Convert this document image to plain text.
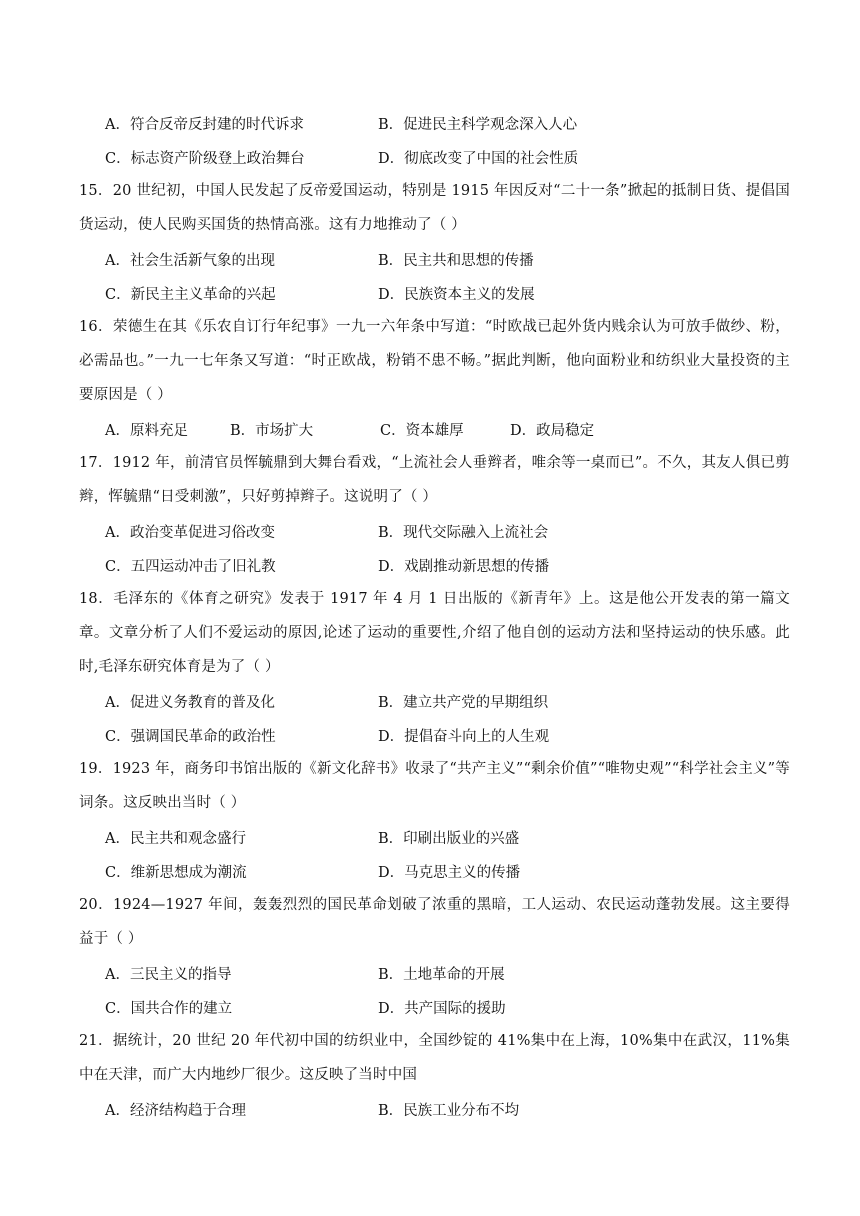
A．符合反帝反封建的时代诉求	B．促进民主科学观念深入人心
C．标志资产阶级登上政治舞台	D．彻底改变了中国的社会性质

15．20 世纪初，中国人民发起了反帝爱国运动，特别是 1915 年因反对“二十一条”掀起的抵制日货、提倡国货运动，使人民购买国货的热情高涨。这有力地推动了（ ）

A．社会生活新气象的出现	B．民主共和思想的传播
C．新民主主义革命的兴起	D．民族资本主义的发展

16．荣德生在其《乐农自订行年纪事》一九一六年条中写道：“时欧战已起外货内贱余认为可放手做纱、粉，必需品也。”一九一七年条又写道：“时正欧战，粉销不患不畅。”据此判断，他向面粉业和纺织业大量投资的主要原因是（ ）

A．原料充足	B．市场扩大	C．资本雄厚	D．政局稳定

17．1912 年，前清官员恽毓鼎到大舞台看戏，“上流社会人垂辫者，唯余等一桌而已”。不久，其友人俱已剪辫，恽毓鼎“日受刺激”，只好剪掉辫子。这说明了（ ）

A．政治变革促进习俗改变	B．现代交际融入上流社会
C．五四运动冲击了旧礼教	D．戏剧推动新思想的传播

18．毛泽东的《体育之研究》发表于 1917 年 4 月 1 日出版的《新青年》上。这是他公开发表的第一篇文章。文章分析了人们不爱运动的原因,论述了运动的重要性,介绍了他自创的运动方法和坚持运动的快乐感。此时,毛泽东研究体育是为了（ ）

A．促进义务教育的普及化	B．建立共产党的早期组织
C．强调国民革命的政治性	D．提倡奋斗向上的人生观

19．1923 年，商务印书馆出版的《新文化辞书》收录了“共产主义”“剩余价值”“唯物史观”“科学社会主义”等词条。这反映出当时（ ）

A．民主共和观念盛行	B．印刷出版业的兴盛
C．维新思想成为潮流	D．马克思主义的传播

20．1924—1927 年间，轰轰烈烈的国民革命划破了浓重的黑暗，工人运动、农民运动蓬勃发展。这主要得益于（ ）

A．三民主义的指导	B．土地革命的开展
C．国共合作的建立	D．共产国际的援助

21．据统计，20 世纪 20 年代初中国的纺织业中，全国纱锭的 41%集中在上海，10%集中在武汉，11%集中在天津，而广大内地纱厂很少。这反映了当时中国

A．经济结构趋于合理	B．民族工业分布不均
